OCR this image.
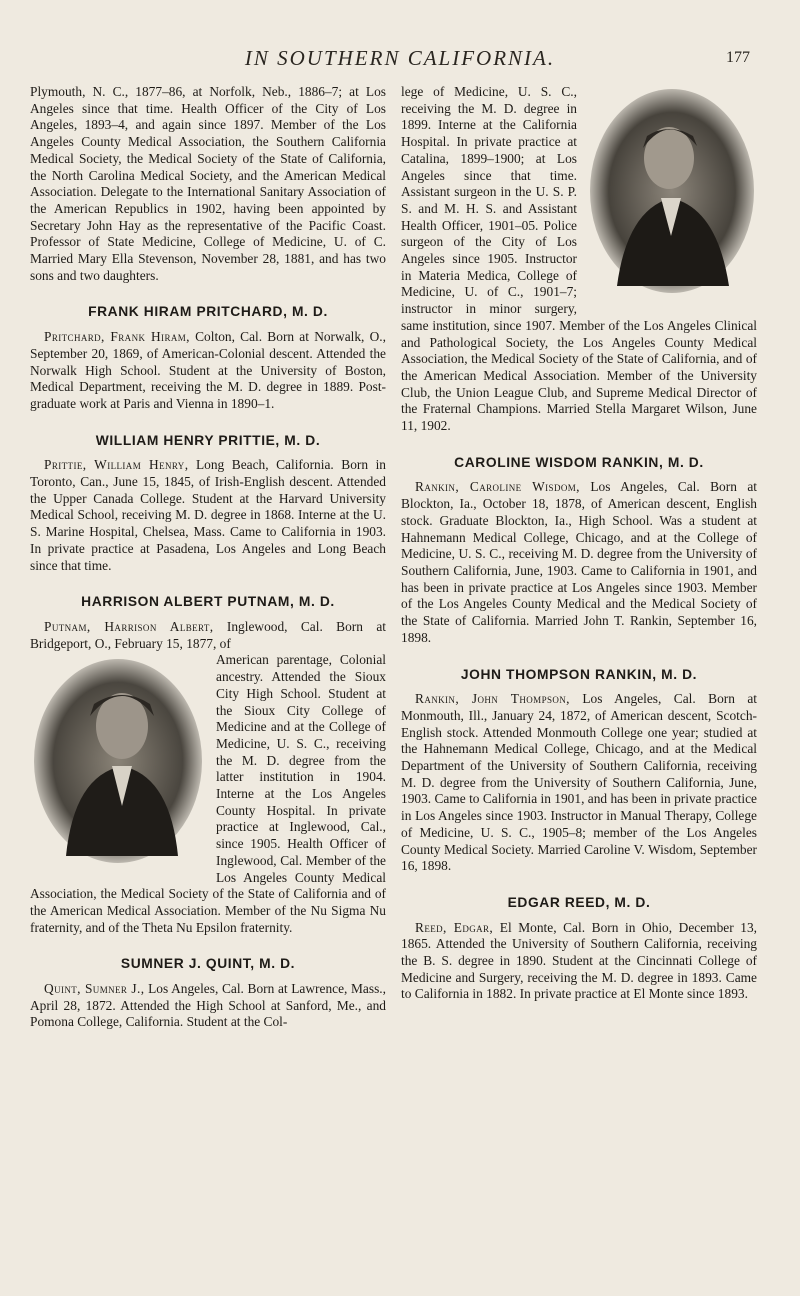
IN SOUTHERN CALIFORNIA.	177

Plymouth, N. C., 1877–86, at Norfolk, Neb., 1886–7; at Los Angeles since that time. Health Officer of the City of Los Angeles, 1893–4, and again since 1897. Member of the Los Angeles County Medical Association, the Southern California Medical Society, the Medical Society of the State of California, the North Carolina Medical Society, and the American Medical Association. Delegate to the International Sanitary Association of the American Republics in 1902, having been appointed by Secretary John Hay as the representative of the Pacific Coast. Professor of State Medicine, College of Medicine, U. of C. Married Mary Ella Stevenson, November 28, 1881, and has two sons and two daughters.

FRANK HIRAM PRITCHARD, M. D.

Pritchard, Frank Hiram, Colton, Cal. Born at Norwalk, O., September 20, 1869, of American-Colonial descent. Attended the Norwalk High School. Student at the University of Boston, Medical Department, receiving the M. D. degree in 1889. Post-graduate work at Paris and Vienna in 1890–1.

WILLIAM HENRY PRITTIE, M. D.

Prittie, William Henry, Long Beach, California. Born in Toronto, Can., June 15, 1845, of Irish-English descent. Attended the Upper Canada College. Student at the Harvard University Medical School, receiving M. D. degree in 1868. Interne at the U. S. Marine Hospital, Chelsea, Mass. Came to California in 1903. In private practice at Pasadena, Los Angeles and Long Beach since that time.

HARRISON ALBERT PUTNAM, M. D.

Putnam, Harrison Albert, Inglewood, Cal. Born at Bridgeport, O., February 15, 1877, of

American parentage, Colonial ancestry. Attended the Sioux City High School. Student at the Sioux City College of Medicine and at the College of Medicine, U. S. C., receiving the M. D. degree from the latter institution in 1904. Interne at the Los Angeles County Hospital. In private practice at Inglewood, Cal., since 1905. Health Officer of Inglewood, Cal. Member of the Los Angeles County Medical Association, the Medical Society of the State of California and of the American Medical Association. Member of the Nu Sigma Nu fraternity, and of the Theta Nu Epsilon fraternity.

SUMNER J. QUINT, M. D.

Quint, Sumner J., Los Angeles, Cal. Born at Lawrence, Mass., April 28, 1872. Attended the High School at Sanford, Me., and Pomona College, California. Student at the Col-

lege of Medicine, U. S. C., receiving the M. D. degree in 1899. Interne at the California Hospital. In private practice at Catalina, 1899–1900; at Los Angeles since that time. Assistant surgeon in the U. S. P. S. and M. H. S. and Assistant Health Officer, 1901–05. Police surgeon of the City of Los Angeles since 1905. Instructor in Materia Medica, College of Medicine, U. of C., 1901–7; instructor in minor surgery, same institution, since 1907. Member of the Los Angeles Clinical and Pathological Society, the Los Angeles County Medical Association, the Medical Society of the State of California, and of the American Medical Association. Member of the University Club, the Union League Club, and Supreme Medical Director of the Fraternal Champions. Married Stella Margaret Wilson, June 11, 1902.

CAROLINE WISDOM RANKIN, M. D.

Rankin, Caroline Wisdom, Los Angeles, Cal. Born at Blockton, Ia., October 18, 1878, of American descent, English stock. Graduate Blockton, Ia., High School. Was a student at Hahnemann Medical College, Chicago, and at the College of Medicine, U. S. C., receiving M. D. degree from the University of Southern California, June, 1903. Came to California in 1901, and has been in private practice at Los Angeles since 1903. Member of the Los Angeles County Medical and the Medical Society of the State of California. Married John T. Rankin, September 16, 1898.

JOHN THOMPSON RANKIN, M. D.

Rankin, John Thompson, Los Angeles, Cal. Born at Monmouth, Ill., January 24, 1872, of American descent, Scotch-English stock. Attended Monmouth College one year; studied at the Hahnemann Medical College, Chicago, and at the Medical Department of the University of Southern California, receiving M. D. degree from the University of Southern California, June, 1903. Came to California in 1901, and has been in private practice in Los Angeles since 1903. Instructor in Manual Therapy, College of Medicine, U. S. C., 1905–8; member of the Los Angeles County Medical Society. Married Caroline V. Wisdom, September 16, 1898.

EDGAR REED, M. D.

Reed, Edgar, El Monte, Cal. Born in Ohio, December 13, 1865. Attended the University of Southern California, receiving the B. S. degree in 1890. Student at the Cincinnati College of Medicine and Surgery, receiving the M. D. degree in 1893. Came to California in 1882. In private practice at El Monte since 1893.
